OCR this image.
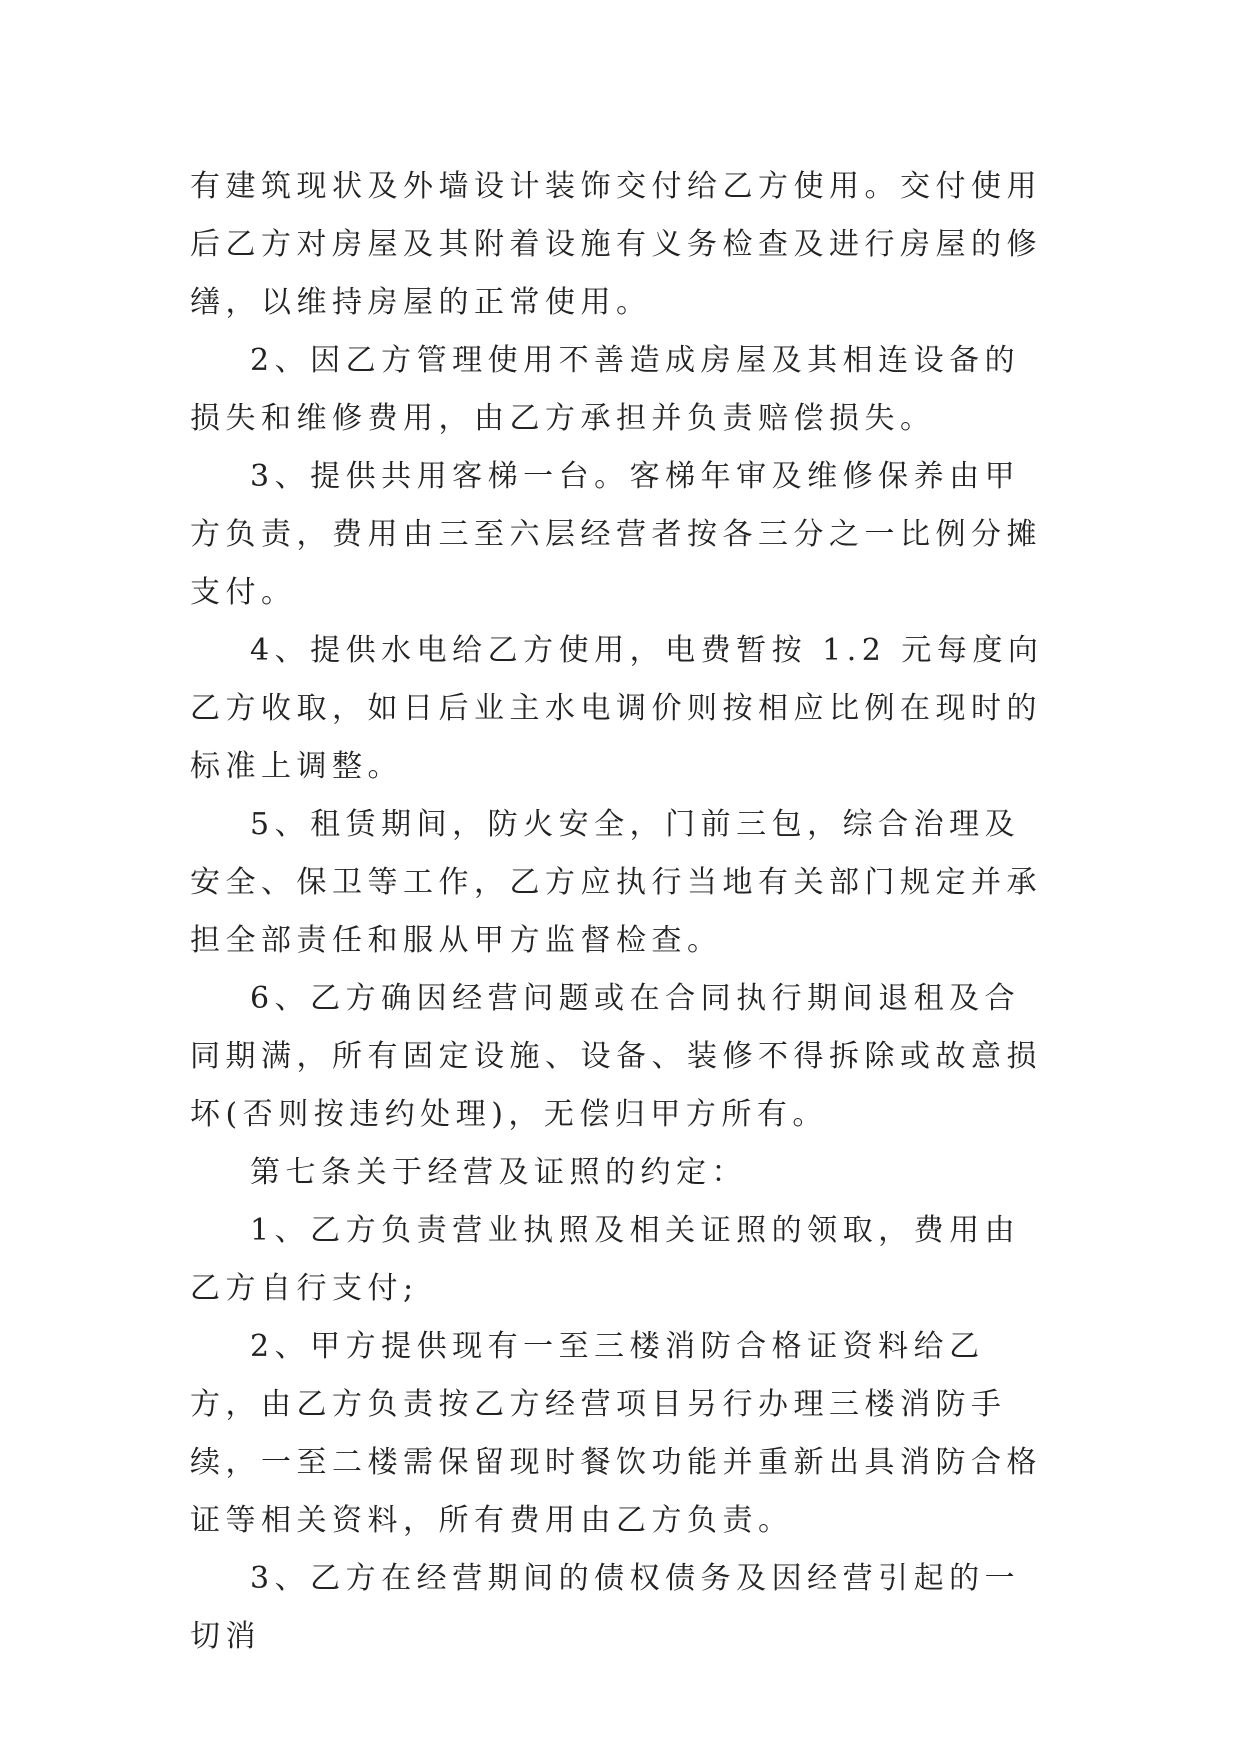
有建筑现状及外墙设计装饰交付给乙方使用。交付使用后乙方对房屋及其附着设施有义务检查及进行房屋的修缮，以维持房屋的正常使用。

2、因乙方管理使用不善造成房屋及其相连设备的损失和维修费用，由乙方承担并负责赔偿损失。

3、提供共用客梯一台。客梯年审及维修保养由甲方负责，费用由三至六层经营者按各三分之一比例分摊支付。

4、提供水电给乙方使用，电费暂按 1.2 元每度向乙方收取，如日后业主水电调价则按相应比例在现时的标准上调整。

5、租赁期间，防火安全，门前三包，综合治理及安全、保卫等工作，乙方应执行当地有关部门规定并承担全部责任和服从甲方监督检查。

6、乙方确因经营问题或在合同执行期间退租及合同期满，所有固定设施、设备、装修不得拆除或故意损坏(否则按违约处理)，无偿归甲方所有。

第七条关于经营及证照的约定：

1、乙方负责营业执照及相关证照的领取，费用由乙方自行支付;

2、甲方提供现有一至三楼消防合格证资料给乙方，由乙方负责按乙方经营项目另行办理三楼消防手续，一至二楼需保留现时餐饮功能并重新出具消防合格证等相关资料，所有费用由乙方负责。

3、乙方在经营期间的债权债务及因经营引起的一切消
